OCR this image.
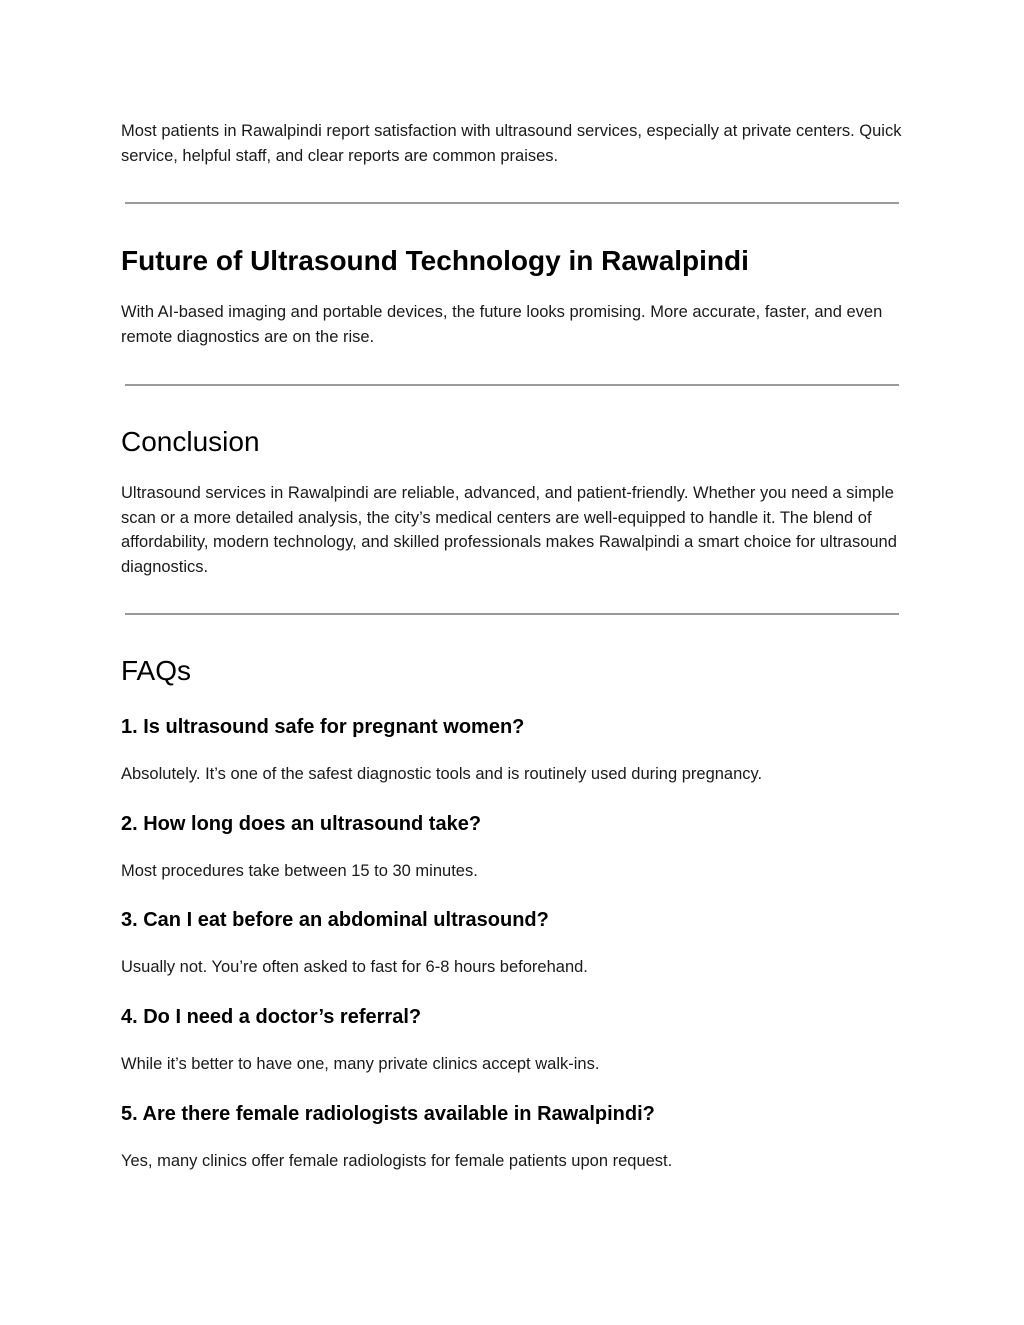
Most patients in Rawalpindi report satisfaction with ultrasound services, especially at private centers. Quick service, helpful staff, and clear reports are common praises.

Future of Ultrasound Technology in Rawalpindi

With AI-based imaging and portable devices, the future looks promising. More accurate, faster, and even remote diagnostics are on the rise.

Conclusion

Ultrasound services in Rawalpindi are reliable, advanced, and patient-friendly. Whether you need a simple scan or a more detailed analysis, the city’s medical centers are well-equipped to handle it. The blend of affordability, modern technology, and skilled professionals makes Rawalpindi a smart choice for ultrasound diagnostics.

FAQs
1. Is ultrasound safe for pregnant women?

Absolutely. It’s one of the safest diagnostic tools and is routinely used during pregnancy.

2. How long does an ultrasound take?

Most procedures take between 15 to 30 minutes.

3. Can I eat before an abdominal ultrasound?

Usually not. You’re often asked to fast for 6-8 hours beforehand.

4. Do I need a doctor’s referral?

While it’s better to have one, many private clinics accept walk-ins.

5. Are there female radiologists available in Rawalpindi?

Yes, many clinics offer female radiologists for female patients upon request.
